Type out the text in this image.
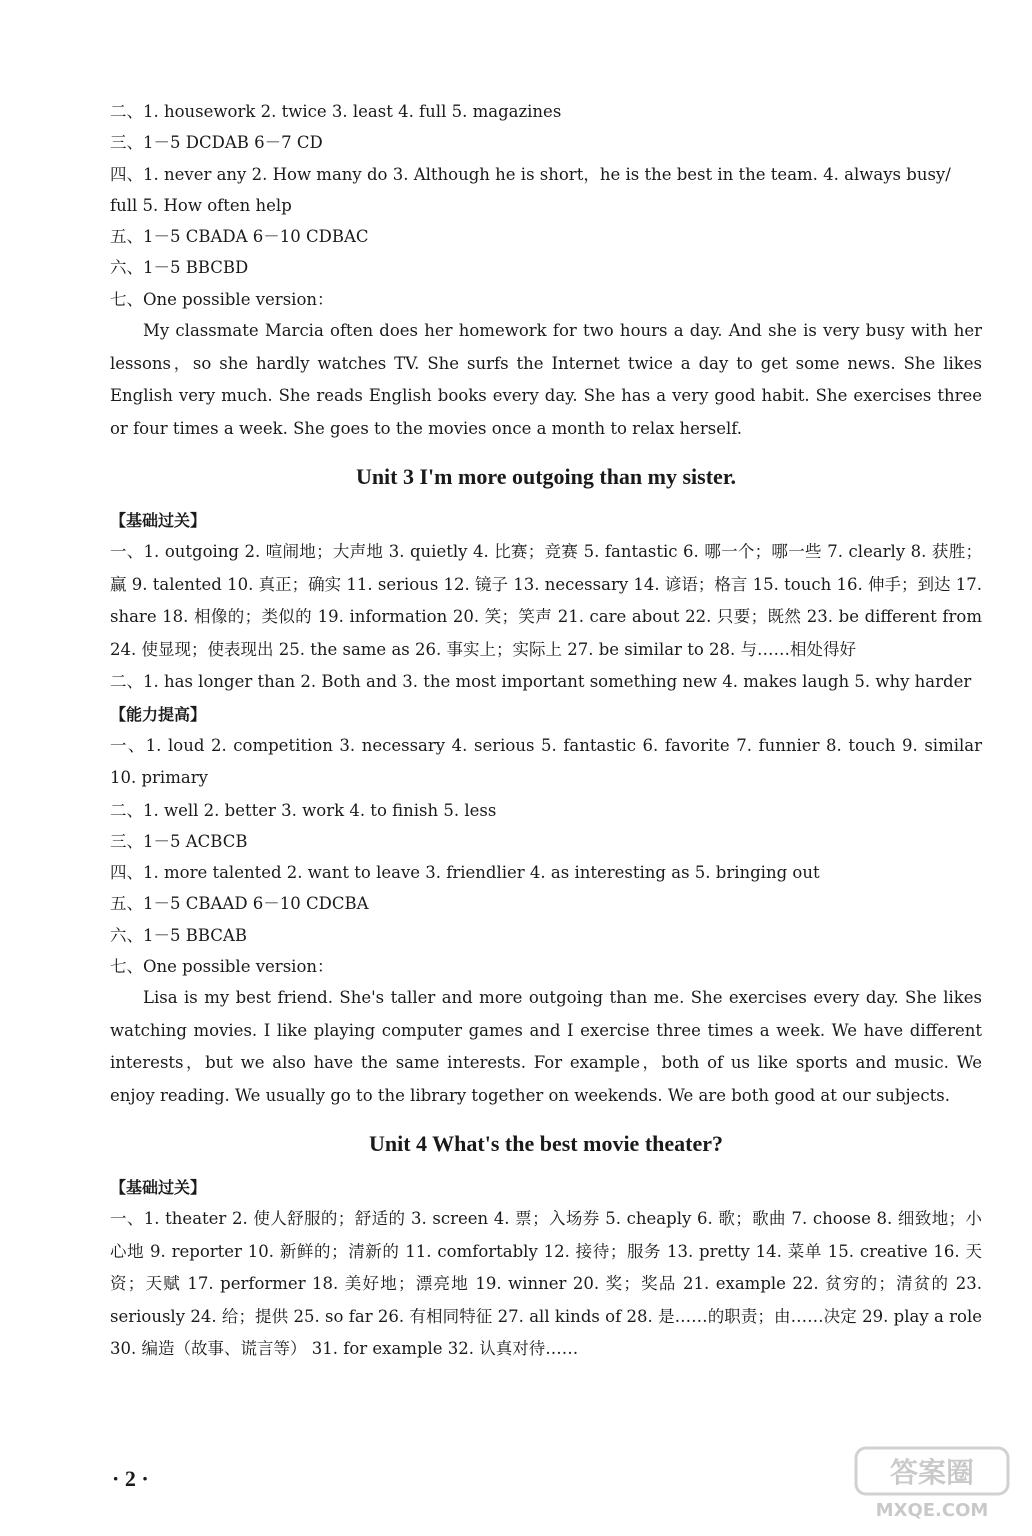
二、1. housework 2. twice 3. least 4. full 5. magazines
三、1－5 DCDAB 6－7 CD
四、1. never any 2. How many do 3. Although he is short，he is the best in the team. 4. always busy/
full 5. How often help
五、1－5 CBADA 6－10 CDBAC
六、1－5 BBCBD
七、One possible version：
My classmate Marcia often does her homework for two hours a day. And she is very busy with her lessons，so she hardly watches TV. She surfs the Internet twice a day to get some news. She likes English very much. She reads English books every day. She has a very good habit. She exercises three or four times a week. She goes to the movies once a month to relax herself.
Unit 3 I'm more outgoing than my sister.
【基础过关】
一、1. outgoing 2. 喧闹地；大声地 3. quietly 4. 比赛；竞赛 5. fantastic 6. 哪一个；哪一些 7. clearly 8. 获胜；赢 9. talented 10. 真正；确实 11. serious 12. 镜子 13. necessary 14. 谚语；格言 15. touch 16. 伸手；到达 17. share 18. 相像的；类似的 19. information 20. 笑；笑声 21. care about 22. 只要；既然 23. be different from 24. 使显现；使表现出 25. the same as 26. 事实上；实际上 27. be similar to 28. 与……相处得好
二、1. has longer than 2. Both and 3. the most important something new 4. makes laugh 5. why harder
【能力提高】
一、1. loud 2. competition 3. necessary 4. serious 5. fantastic 6. favorite 7. funnier 8. touch 9. similar 10. primary
二、1. well 2. better 3. work 4. to finish 5. less
三、1－5 ACBCB
四、1. more talented 2. want to leave 3. friendlier 4. as interesting as 5. bringing out
五、1－5 CBAAD 6－10 CDCBA
六、1－5 BBCAB
七、One possible version：
Lisa is my best friend. She's taller and more outgoing than me. She exercises every day. She likes watching movies. I like playing computer games and I exercise three times a week. We have different interests，but we also have the same interests. For example，both of us like sports and music. We enjoy reading. We usually go to the library together on weekends. We are both good at our subjects.
Unit 4 What's the best movie theater?
【基础过关】
一、1. theater 2. 使人舒服的；舒适的 3. screen 4. 票；入场券 5. cheaply 6. 歌；歌曲 7. choose 8. 细致地；小心地 9. reporter 10. 新鲜的；清新的 11. comfortably 12. 接待；服务 13. pretty 14. 菜单 15. creative 16. 天资；天赋 17. performer 18. 美好地；漂亮地 19. winner 20. 奖；奖品 21. example 22. 贫穷的；清贫的 23. seriously 24. 给；提供 25. so far 26. 有相同特征 27. all kinds of 28. 是……的职责；由……决定 29. play a role 30. 编造（故事、谎言等） 31. for example 32. 认真对待……
· 2 ·	答案圈
MXQE.COM
